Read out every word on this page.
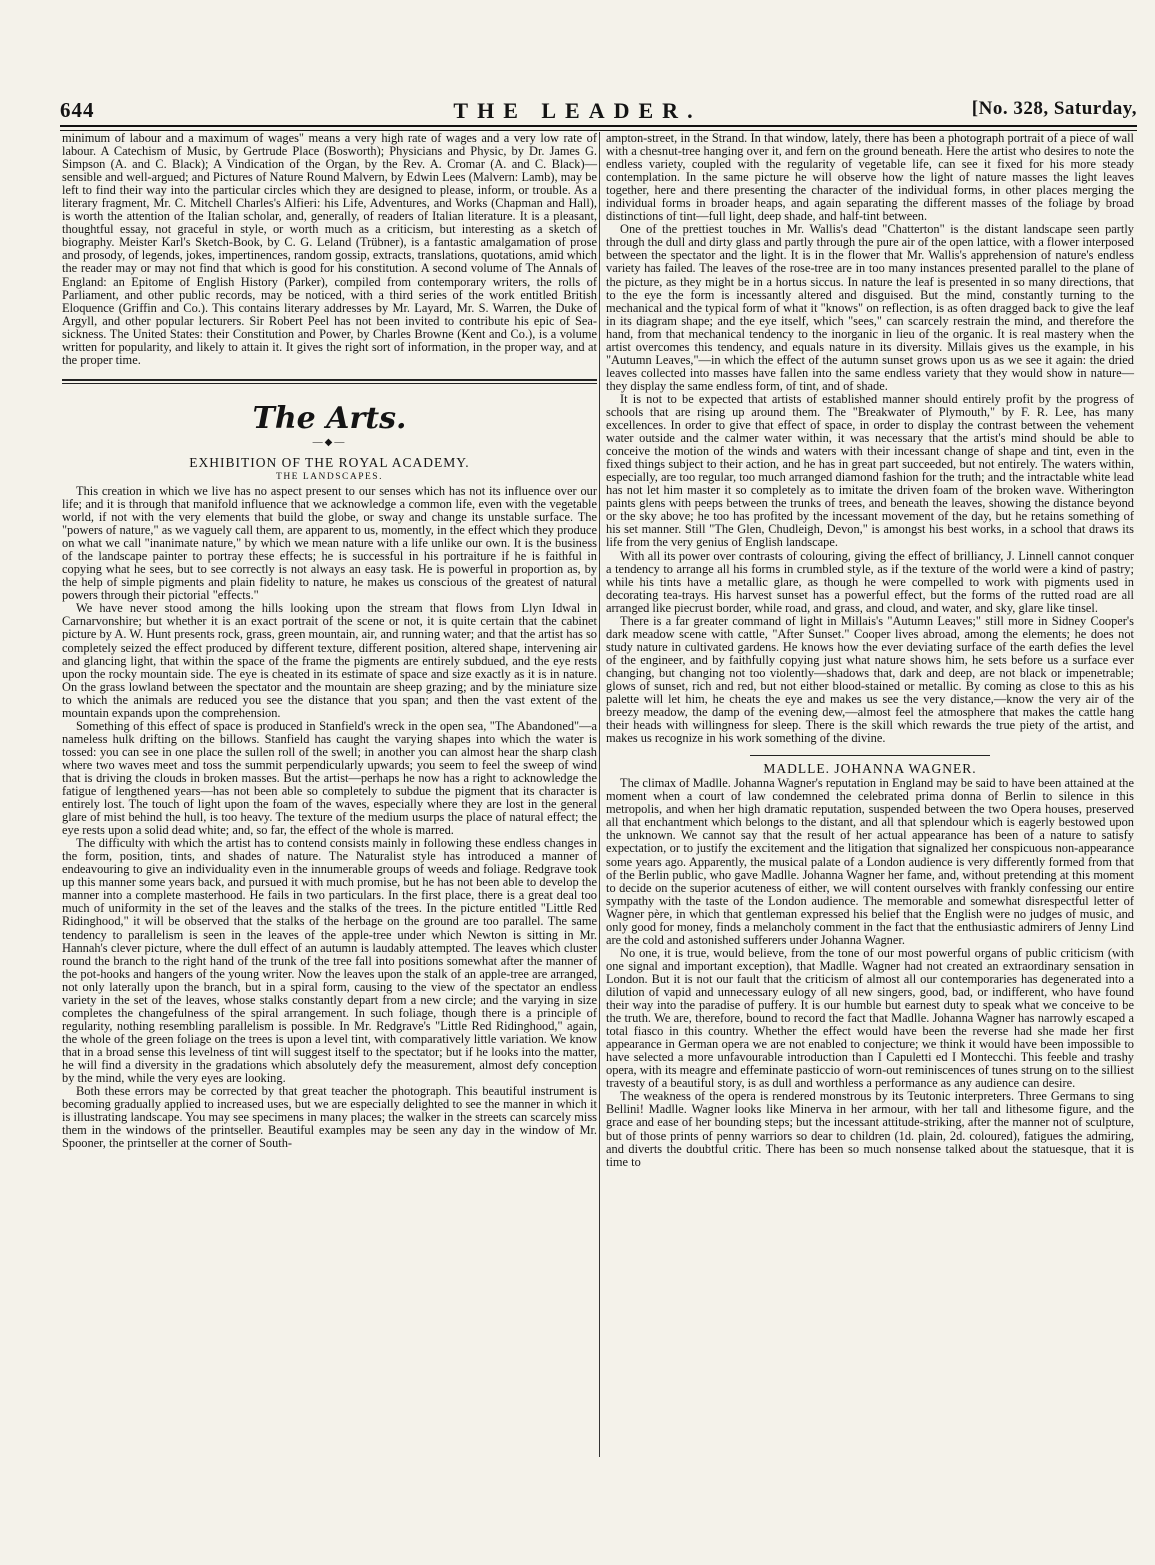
644	THE LEADER.	[No. 328, Saturday,

minimum of labour and a maximum of wages" means a very high rate of wages and a very low rate of labour. A Catechism of Music, by Gertrude Place (Bosworth); Physicians and Physic, by Dr. James G. Simpson (A. and C. Black); A Vindication of the Organ, by the Rev. A. Cromar (A. and C. Black)—sensible and well-argued; and Pictures of Nature Round Malvern, by Edwin Lees (Malvern: Lamb), may be left to find their way into the particular circles which they are designed to please, inform, or trouble. As a literary fragment, Mr. C. Mitchell Charles's Alfieri: his Life, Adventures, and Works (Chapman and Hall), is worth the attention of the Italian scholar, and, generally, of readers of Italian literature. It is a pleasant, thoughtful essay, not graceful in style, or worth much as a criticism, but interesting as a sketch of biography. Meister Karl's Sketch-Book, by C. G. Leland (Trübner), is a fantastic amalgamation of prose and prosody, of legends, jokes, impertinences, random gossip, extracts, translations, quotations, amid which the reader may or may not find that which is good for his constitution. A second volume of The Annals of England: an Epitome of English History (Parker), compiled from contemporary writers, the rolls of Parliament, and other public records, may be noticed, with a third series of the work entitled British Eloquence (Griffin and Co.). This contains literary addresses by Mr. Layard, Mr. S. Warren, the Duke of Argyll, and other popular lecturers. Sir Robert Peel has not been invited to contribute his epic of Sea-sickness. The United States: their Constitution and Power, by Charles Browne (Kent and Co.), is a volume written for popularity, and likely to attain it. It gives the right sort of information, in the proper way, and at the proper time.

The Arts.
—◆—
EXHIBITION OF THE ROYAL ACADEMY.
THE LANDSCAPES.

This creation in which we live has no aspect present to our senses which has not its influence over our life; and it is through that manifold influence that we acknowledge a common life, even with the vegetable world, if not with the very elements that build the globe, or sway and change its unstable surface. The "powers of nature," as we vaguely call them, are apparent to us, momently, in the effect which they produce on what we call "inanimate nature," by which we mean nature with a life unlike our own. It is the business of the landscape painter to portray these effects; he is successful in his portraiture if he is faithful in copying what he sees, but to see correctly is not always an easy task. He is powerful in proportion as, by the help of simple pigments and plain fidelity to nature, he makes us conscious of the greatest of natural powers through their pictorial "effects."

We have never stood among the hills looking upon the stream that flows from Llyn Idwal in Carnarvonshire; but whether it is an exact portrait of the scene or not, it is quite certain that the cabinet picture by A. W. Hunt presents rock, grass, green mountain, air, and running water; and that the artist has so completely seized the effect produced by different texture, different position, altered shape, intervening air and glancing light, that within the space of the frame the pigments are entirely subdued, and the eye rests upon the rocky mountain side. The eye is cheated in its estimate of space and size exactly as it is in nature. On the grass lowland between the spectator and the mountain are sheep grazing; and by the miniature size to which the animals are reduced you see the distance that you span; and then the vast extent of the mountain expands upon the comprehension.

Something of this effect of space is produced in Stanfield's wreck in the open sea, "The Abandoned"—a nameless hulk drifting on the billows. Stanfield has caught the varying shapes into which the water is tossed: you can see in one place the sullen roll of the swell; in another you can almost hear the sharp clash where two waves meet and toss the summit perpendicularly upwards; you seem to feel the sweep of wind that is driving the clouds in broken masses. But the artist—perhaps he now has a right to acknowledge the fatigue of lengthened years—has not been able so completely to subdue the pigment that its character is entirely lost. The touch of light upon the foam of the waves, especially where they are lost in the general glare of mist behind the hull, is too heavy. The texture of the medium usurps the place of natural effect; the eye rests upon a solid dead white; and, so far, the effect of the whole is marred.

The difficulty with which the artist has to contend consists mainly in following these endless changes in the form, position, tints, and shades of nature. The Naturalist style has introduced a manner of endeavouring to give an individuality even in the innumerable groups of weeds and foliage. Redgrave took up this manner some years back, and pursued it with much promise, but he has not been able to develop the manner into a complete masterhood. He fails in two particulars. In the first place, there is a great deal too much of uniformity in the set of the leaves and the stalks of the trees. In the picture entitled "Little Red Ridinghood," it will be observed that the stalks of the herbage on the ground are too parallel. The same tendency to parallelism is seen in the leaves of the apple-tree under which Newton is sitting in Mr. Hannah's clever picture, where the dull effect of an autumn is laudably attempted. The leaves which cluster round the branch to the right hand of the trunk of the tree fall into positions somewhat after the manner of the pot-hooks and hangers of the young writer. Now the leaves upon the stalk of an apple-tree are arranged, not only laterally upon the branch, but in a spiral form, causing to the view of the spectator an endless variety in the set of the leaves, whose stalks constantly depart from a new circle; and the varying in size completes the changefulness of the spiral arrangement. In such foliage, though there is a principle of regularity, nothing resembling parallelism is possible. In Mr. Redgrave's "Little Red Ridinghood," again, the whole of the green foliage on the trees is upon a level tint, with comparatively little variation. We know that in a broad sense this levelness of tint will suggest itself to the spectator; but if he looks into the matter, he will find a diversity in the gradations which absolutely defy the measurement, almost defy conception by the mind, while the very eyes are looking.

Both these errors may be corrected by that great teacher the photograph. This beautiful instrument is becoming gradually applied to increased uses, but we are especially delighted to see the manner in which it is illustrating landscape. You may see specimens in many places; the walker in the streets can scarcely miss them in the windows of the printseller. Beautiful examples may be seen any day in the window of Mr. Spooner, the printseller at the corner of South-

ampton-street, in the Strand. In that window, lately, there has been a photograph portrait of a piece of wall with a chesnut-tree hanging over it, and fern on the ground beneath. Here the artist who desires to note the endless variety, coupled with the regularity of vegetable life, can see it fixed for his more steady contemplation. In the same picture he will observe how the light of nature masses the light leaves together, here and there presenting the character of the individual forms, in other places merging the individual forms in broader heaps, and again separating the different masses of the foliage by broad distinctions of tint—full light, deep shade, and half-tint between.

One of the prettiest touches in Mr. Wallis's dead "Chatterton" is the distant landscape seen partly through the dull and dirty glass and partly through the pure air of the open lattice, with a flower interposed between the spectator and the light. It is in the flower that Mr. Wallis's apprehension of nature's endless variety has failed. The leaves of the rose-tree are in too many instances presented parallel to the plane of the picture, as they might be in a hortus siccus. In nature the leaf is presented in so many directions, that to the eye the form is incessantly altered and disguised. But the mind, constantly turning to the mechanical and the typical form of what it "knows" on reflection, is as often dragged back to give the leaf in its diagram shape; and the eye itself, which "sees," can scarcely restrain the mind, and therefore the hand, from that mechanical tendency to the inorganic in lieu of the organic. It is real mastery when the artist overcomes this tendency, and equals nature in its diversity. Millais gives us the example, in his "Autumn Leaves,"—in which the effect of the autumn sunset grows upon us as we see it again: the dried leaves collected into masses have fallen into the same endless variety that they would show in nature—they display the same endless form, of tint, and of shade.

It is not to be expected that artists of established manner should entirely profit by the progress of schools that are rising up around them. The "Breakwater of Plymouth," by F. R. Lee, has many excellences. In order to give that effect of space, in order to display the contrast between the vehement water outside and the calmer water within, it was necessary that the artist's mind should be able to conceive the motion of the winds and waters with their incessant change of shape and tint, even in the fixed things subject to their action, and he has in great part succeeded, but not entirely. The waters within, especially, are too regular, too much arranged diamond fashion for the truth; and the intractable white lead has not let him master it so completely as to imitate the driven foam of the broken wave. Witherington paints glens with peeps between the trunks of trees, and beneath the leaves, showing the distance beyond or the sky above; he too has profited by the incessant movement of the day, but he retains something of his set manner. Still "The Glen, Chudleigh, Devon," is amongst his best works, in a school that draws its life from the very genius of English landscape.

With all its power over contrasts of colouring, giving the effect of brilliancy, J. Linnell cannot conquer a tendency to arrange all his forms in crumbled style, as if the texture of the world were a kind of pastry; while his tints have a metallic glare, as though he were compelled to work with pigments used in decorating tea-trays. His harvest sunset has a powerful effect, but the forms of the rutted road are all arranged like piecrust border, while road, and grass, and cloud, and water, and sky, glare like tinsel.

There is a far greater command of light in Millais's "Autumn Leaves;" still more in Sidney Cooper's dark meadow scene with cattle, "After Sunset." Cooper lives abroad, among the elements; he does not study nature in cultivated gardens. He knows how the ever deviating surface of the earth defies the level of the engineer, and by faithfully copying just what nature shows him, he sets before us a surface ever changing, but changing not too violently—shadows that, dark and deep, are not black or impenetrable; glows of sunset, rich and red, but not either blood-stained or metallic. By coming as close to this as his palette will let him, he cheats the eye and makes us see the very distance,—know the very air of the breezy meadow, the damp of the evening dew,—almost feel the atmosphere that makes the cattle hang their heads with willingness for sleep. There is the skill which rewards the true piety of the artist, and makes us recognize in his work something of the divine.

MADLLE. JOHANNA WAGNER.

The climax of Madlle. Johanna Wagner's reputation in England may be said to have been attained at the moment when a court of law condemned the celebrated prima donna of Berlin to silence in this metropolis, and when her high dramatic reputation, suspended between the two Opera houses, preserved all that enchantment which belongs to the distant, and all that splendour which is eagerly bestowed upon the unknown. We cannot say that the result of her actual appearance has been of a nature to satisfy expectation, or to justify the excitement and the litigation that signalized her conspicuous non-appearance some years ago. Apparently, the musical palate of a London audience is very differently formed from that of the Berlin public, who gave Madlle. Johanna Wagner her fame, and, without pretending at this moment to decide on the superior acuteness of either, we will content ourselves with frankly confessing our entire sympathy with the taste of the London audience. The memorable and somewhat disrespectful letter of Wagner père, in which that gentleman expressed his belief that the English were no judges of music, and only good for money, finds a melancholy comment in the fact that the enthusiastic admirers of Jenny Lind are the cold and astonished sufferers under Johanna Wagner.

No one, it is true, would believe, from the tone of our most powerful organs of public criticism (with one signal and important exception), that Madlle. Wagner had not created an extraordinary sensation in London. But it is not our fault that the criticism of almost all our contemporaries has degenerated into a dilution of vapid and unnecessary eulogy of all new singers, good, bad, or indifferent, who have found their way into the paradise of puffery. It is our humble but earnest duty to speak what we conceive to be the truth. We are, therefore, bound to record the fact that Madlle. Johanna Wagner has narrowly escaped a total fiasco in this country. Whether the effect would have been the reverse had she made her first appearance in German opera we are not enabled to conjecture; we think it would have been impossible to have selected a more unfavourable introduction than I Capuletti ed I Montecchi. This feeble and trashy opera, with its meagre and effeminate pasticcio of worn-out reminiscences of tunes strung on to the silliest travesty of a beautiful story, is as dull and worthless a performance as any audience can desire.

The weakness of the opera is rendered monstrous by its Teutonic interpreters. Three Germans to sing Bellini! Madlle. Wagner looks like Minerva in her armour, with her tall and lithesome figure, and the grace and ease of her bounding steps; but the incessant attitude-striking, after the manner not of sculpture, but of those prints of penny warriors so dear to children (1d. plain, 2d. coloured), fatigues the admiring, and diverts the doubtful critic. There has been so much nonsense talked about the statuesque, that it is time to
